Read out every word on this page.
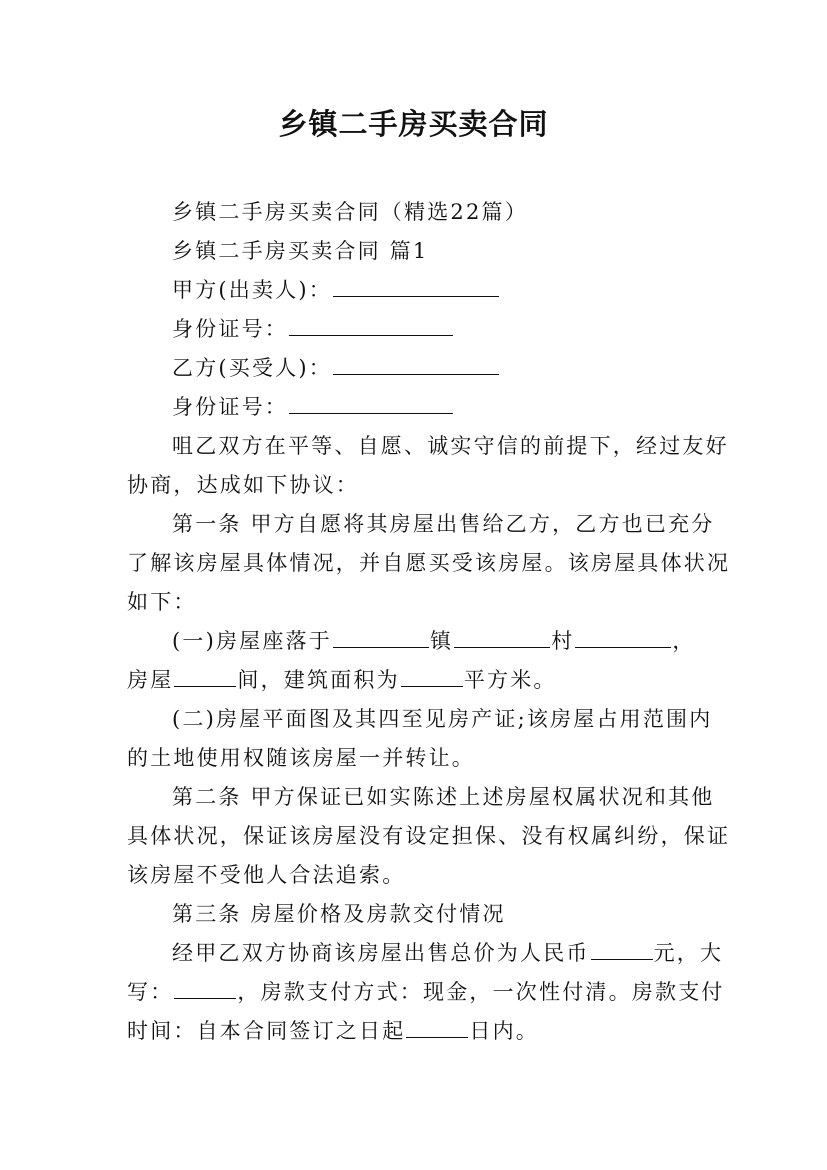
乡镇二手房买卖合同
乡镇二手房买卖合同（精选22篇）
乡镇二手房买卖合同 篇1
甲方(出卖人)：
身份证号：
乙方(买受人)：
身份证号：
咀乙双方在平等、自愿、诚实守信的前提下，经过友好
协商，达成如下协议：
第一条 甲方自愿将其房屋出售给乙方，乙方也已充分
了解该房屋具体情况，并自愿买受该房屋。该房屋具体状况
如下：
(一)房屋座落于	镇	村	，
房屋	间，建筑面积为	平方米。
(二)房屋平面图及其四至见房产证;该房屋占用范围内
的土地使用权随该房屋一并转让。
第二条 甲方保证已如实陈述上述房屋权属状况和其他
具体状况，保证该房屋没有设定担保、没有权属纠纷，保证
该房屋不受他人合法追索。
第三条 房屋价格及房款交付情况
经甲乙双方协商该房屋出售总价为人民币	元，大
写：	，房款支付方式：现金，一次性付清。房款支付
时间：自本合同签订之日起	日内。
